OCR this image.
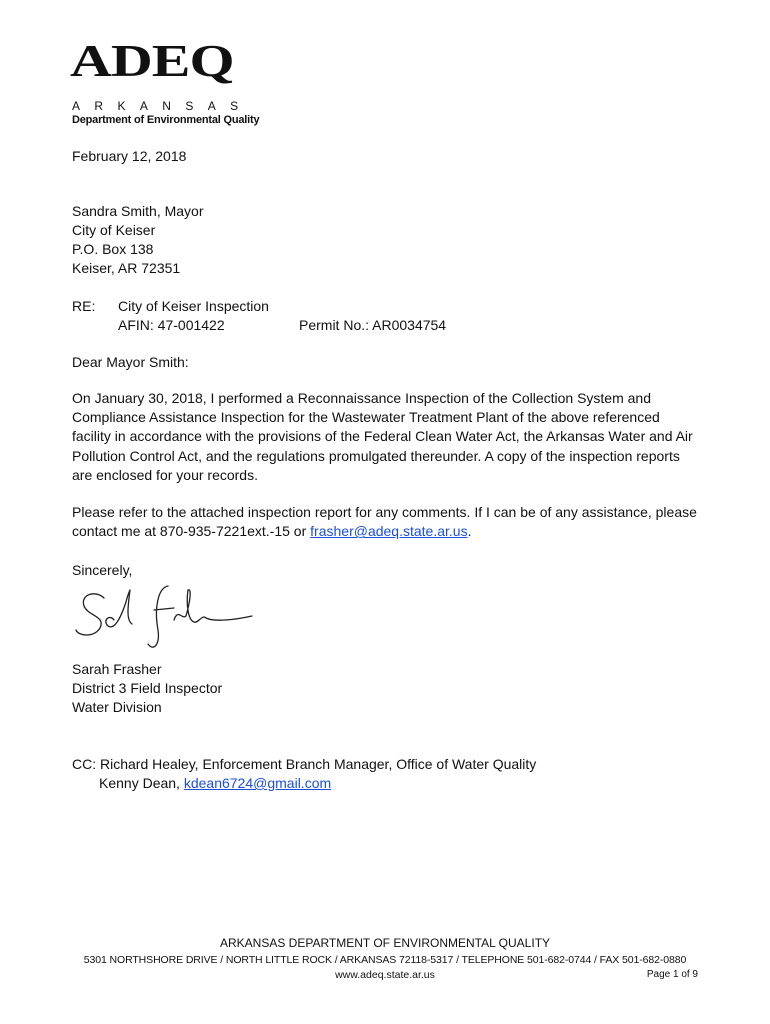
ADEQ
ARKANSAS
Department of Environmental Quality
February 12, 2018
Sandra Smith, Mayor
City of Keiser
P.O. Box 138
Keiser, AR 72351
RE: City of Keiser Inspection
AFIN: 47-001422	Permit No.: AR0034754
Dear Mayor Smith:
On January 30, 2018, I performed a Reconnaissance Inspection of the Collection System and Compliance Assistance Inspection for the Wastewater Treatment Plant of the above referenced facility in accordance with the provisions of the Federal Clean Water Act, the Arkansas Water and Air Pollution Control Act, and the regulations promulgated thereunder. A copy of the inspection reports are enclosed for your records.
Please refer to the attached inspection report for any comments. If I can be of any assistance, please contact me at 870-935-7221ext.-15 or frasher@adeq.state.ar.us.
Sincerely,
Sarah Frasher
District 3 Field Inspector
Water Division
CC: Richard Healey, Enforcement Branch Manager, Office of Water Quality
Kenny Dean, kdean6724@gmail.com
ARKANSAS DEPARTMENT OF ENVIRONMENTAL QUALITY
5301 NORTHSHORE DRIVE / NORTH LITTLE ROCK / ARKANSAS 72118-5317 / TELEPHONE 501-682-0744 / FAX 501-682-0880
www.adeq.state.ar.us	Page 1 of 9
